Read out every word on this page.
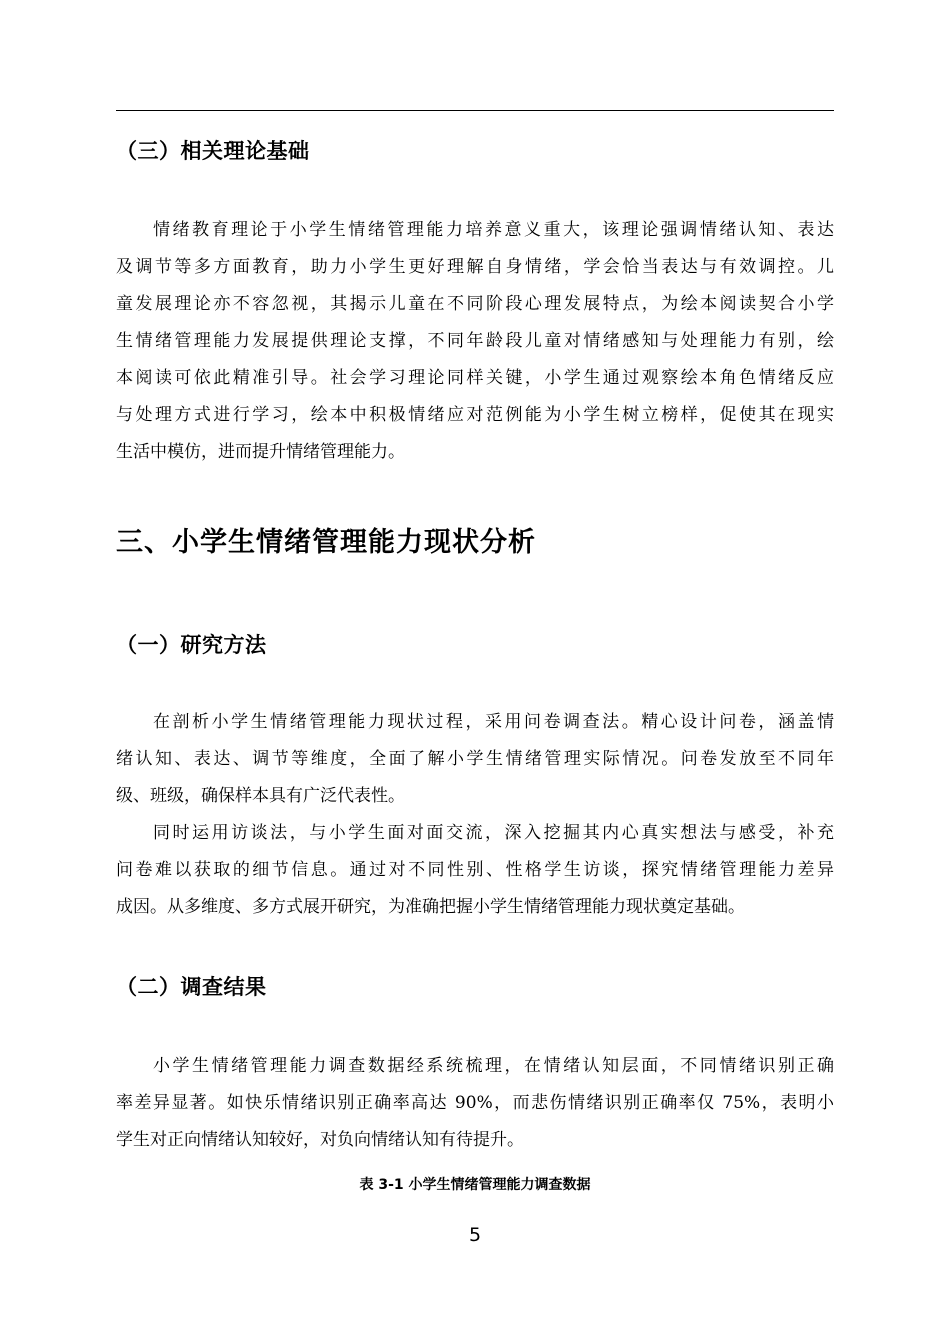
（三）相关理论基础
情绪教育理论于小学生情绪管理能力培养意义重大，该理论强调情绪认知、表达
及调节等多方面教育，助力小学生更好理解自身情绪，学会恰当表达与有效调控。儿
童发展理论亦不容忽视，其揭示儿童在不同阶段心理发展特点，为绘本阅读契合小学
生情绪管理能力发展提供理论支撑，不同年龄段儿童对情绪感知与处理能力有别，绘
本阅读可依此精准引导。社会学习理论同样关键，小学生通过观察绘本角色情绪反应
与处理方式进行学习，绘本中积极情绪应对范例能为小学生树立榜样，促使其在现实
生活中模仿，进而提升情绪管理能力。
三、小学生情绪管理能力现状分析
（一）研究方法
在剖析小学生情绪管理能力现状过程，采用问卷调查法。精心设计问卷，涵盖情
绪认知、表达、调节等维度，全面了解小学生情绪管理实际情况。问卷发放至不同年
级、班级，确保样本具有广泛代表性。
同时运用访谈法，与小学生面对面交流，深入挖掘其内心真实想法与感受，补充
问卷难以获取的细节信息。通过对不同性别、性格学生访谈，探究情绪管理能力差异
成因。从多维度、多方式展开研究，为准确把握小学生情绪管理能力现状奠定基础。
（二）调查结果
小学生情绪管理能力调查数据经系统梳理，在情绪认知层面，不同情绪识别正确
率差异显著。如快乐情绪识别正确率高达 90%，而悲伤情绪识别正确率仅 75%，表明小
学生对正向情绪认知较好，对负向情绪认知有待提升。
表 3-1 小学生情绪管理能力调查数据
5
